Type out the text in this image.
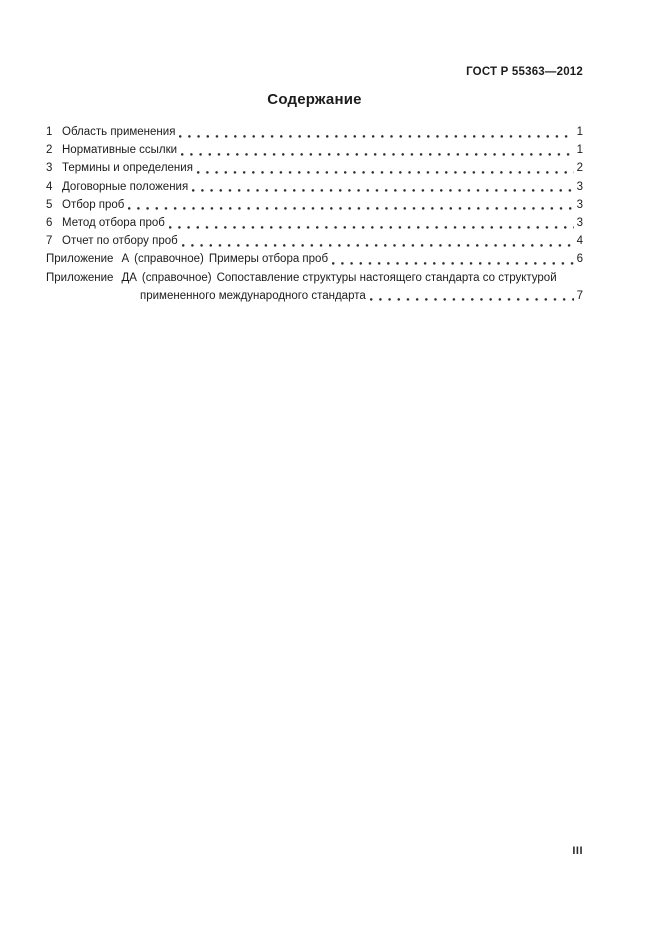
ГОСТ Р 55363—2012
Содержание
1 Область применения	1
2 Нормативные ссылки	1
3 Термины и определения	2
4 Договорные положения	3
5 Отбор проб	3
6 Метод отбора проб	3
7 Отчет по отбору проб	4
Приложение А (справочное) Примеры отбора проб	6
Приложение ДА (справочное) Сопоставление структуры настоящего стандарта со структурой
примененного международного стандарта	7
III
